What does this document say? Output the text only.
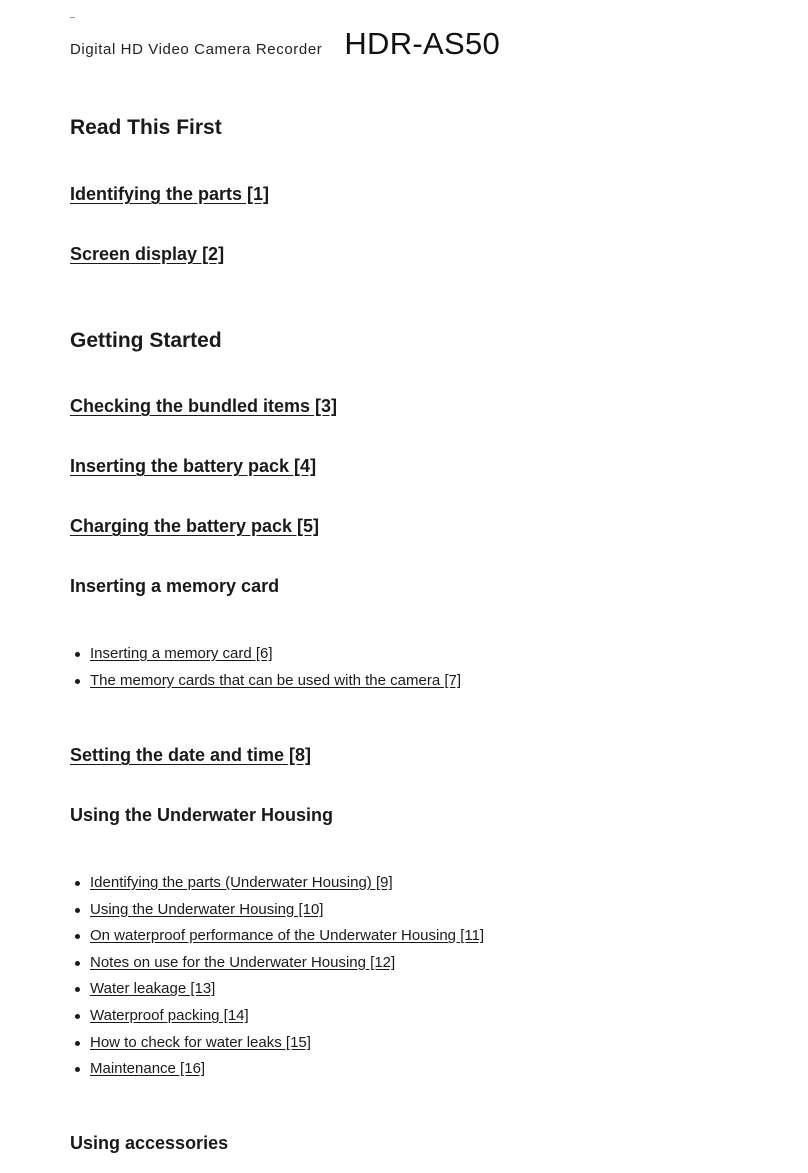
Digital HD Video Camera Recorder HDR-AS50
Read This First
Identifying the parts [1]
Screen display [2]
Getting Started
Checking the bundled items [3]
Inserting the battery pack [4]
Charging the battery pack [5]
Inserting a memory card
Inserting a memory card [6]
The memory cards that can be used with the camera [7]
Setting the date and time [8]
Using the Underwater Housing
Identifying the parts (Underwater Housing) [9]
Using the Underwater Housing [10]
On waterproof performance of the Underwater Housing [11]
Notes on use for the Underwater Housing [12]
Water leakage [13]
Waterproof packing [14]
How to check for water leaks [15]
Maintenance [16]
Using accessories
